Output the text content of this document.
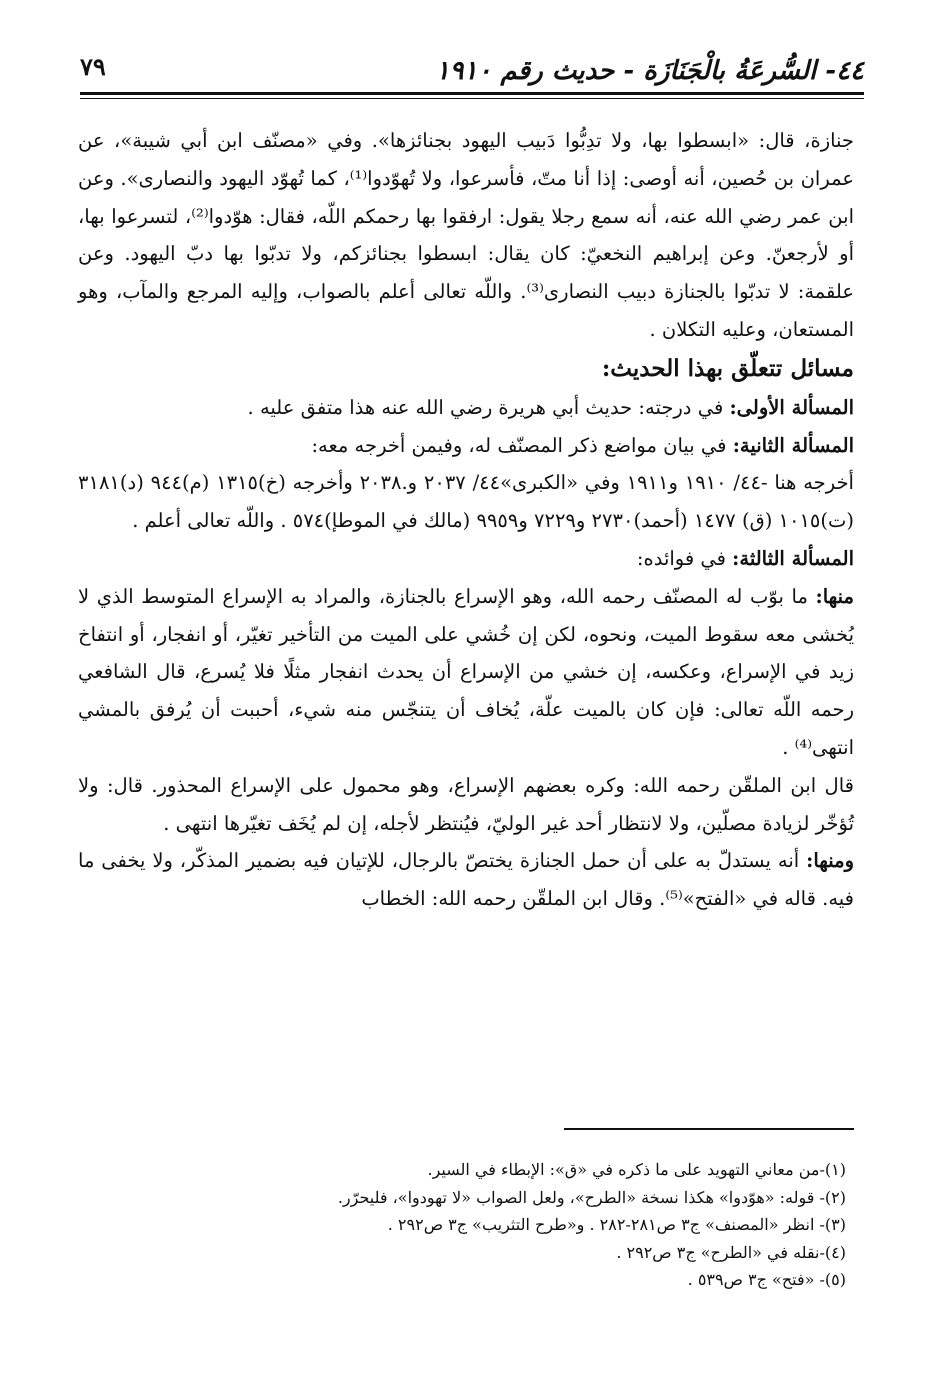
٤٤- السُّرعَةُ بالْجَنَازَة - حديث رقم ١٩١٠
٧٩

جنازة، قال: «ابسطوا بها، ولا تدِبُّوا دَبيب اليهود بجنائزها». وفي «مصنّف ابن أبي شيبة»، عن عمران بن حُصين، أنه أوصى: إذا أنا متّ، فأسرعوا، ولا تُهوّدوا⁽¹⁾، كما تُهوّد اليهود والنصارى». وعن ابن عمر رضي الله عنه، أنه سمع رجلا يقول: ارفقوا بها رحمكم اللّه، فقال: هوّدوا⁽²⁾، لتسرعوا بها، أو لأرجعنّ. وعن إبراهيم النخعيّ: كان يقال: ابسطوا بجنائزكم، ولا تدبّوا بها دبّ اليهود. وعن علقمة: لا تدبّوا بالجنازة دبيب النصارى⁽³⁾. واللّه تعالى أعلم بالصواب، وإليه المرجع والمآب، وهو المستعان، وعليه التكلان .

مسائل تتعلّق بهذا الحديث:

المسألة الأولى: في درجته: حديث أبي هريرة رضي الله عنه هذا متفق عليه .

المسألة الثانية: في بيان مواضع ذكر المصنّف له، وفيمن أخرجه معه:

أخرجه هنا -٤٤/ ١٩١٠ و١٩١١ وفي «الكبرى»٤٤/ ٢٠٣٧ و.٢٠٣٨ وأخرجه (خ)١٣١٥ (م)٩٤٤ (د)٣١٨١ (ت)١٠١٥ (ق) ١٤٧٧ (أحمد)٢٧٣٠ و٧٢٢٩ و٩٩٥٩ (مالك في الموطإ)٥٧٤ . واللّه تعالى أعلم .

المسألة الثالثة: في فوائده:

منها: ما بوّب له المصنّف رحمه الله، وهو الإسراع بالجنازة، والمراد به الإسراع المتوسط الذي لا يُخشى معه سقوط الميت، ونحوه، لكن إن خُشي على الميت من التأخير تغيّر، أو انفجار، أو انتفاخ زيد في الإسراع، وعكسه، إن خشي من الإسراع أن يحدث انفجار مثلًا فلا يُسرع، قال الشافعي رحمه اللّه تعالى: فإن كان بالميت علّة، يُخاف أن يتنجّس منه شيء، أحببت أن يُرفق بالمشي انتهى⁽⁴⁾ .

قال ابن الملقّن رحمه الله: وكره بعضهم الإسراع، وهو محمول على الإسراع المحذور. قال: ولا تُؤخّر لزيادة مصلّين، ولا لانتظار أحد غير الوليّ، فيُنتظر لأجله، إن لم يُخَف تغيّرها انتهى .

ومنها: أنه يستدلّ به على أن حمل الجنازة يختصّ بالرجال، للإتيان فيه بضمير المذكّر، ولا يخفى ما فيه. قاله في «الفتح»⁽⁵⁾. وقال ابن الملقّن رحمه الله: الخطاب

(١)-من معاني التهويد على ما ذكره في «ق»: الإبطاء في السير.
(٢)- قوله: «هوّدوا» هكذا نسخة «الطرح»، ولعل الصواب «لا تهودوا»، فليحرّر.
(٣)- انظر «المصنف» ج٣ ص٢٨١-٢٨٢ . و«طرح التثريب» ج٣ ص٢٩٢ .
(٤)-نقله في «الطرح» ج٣ ص٢٩٢ .
(٥)- «فتح» ج٣ ص٥٣٩ .
